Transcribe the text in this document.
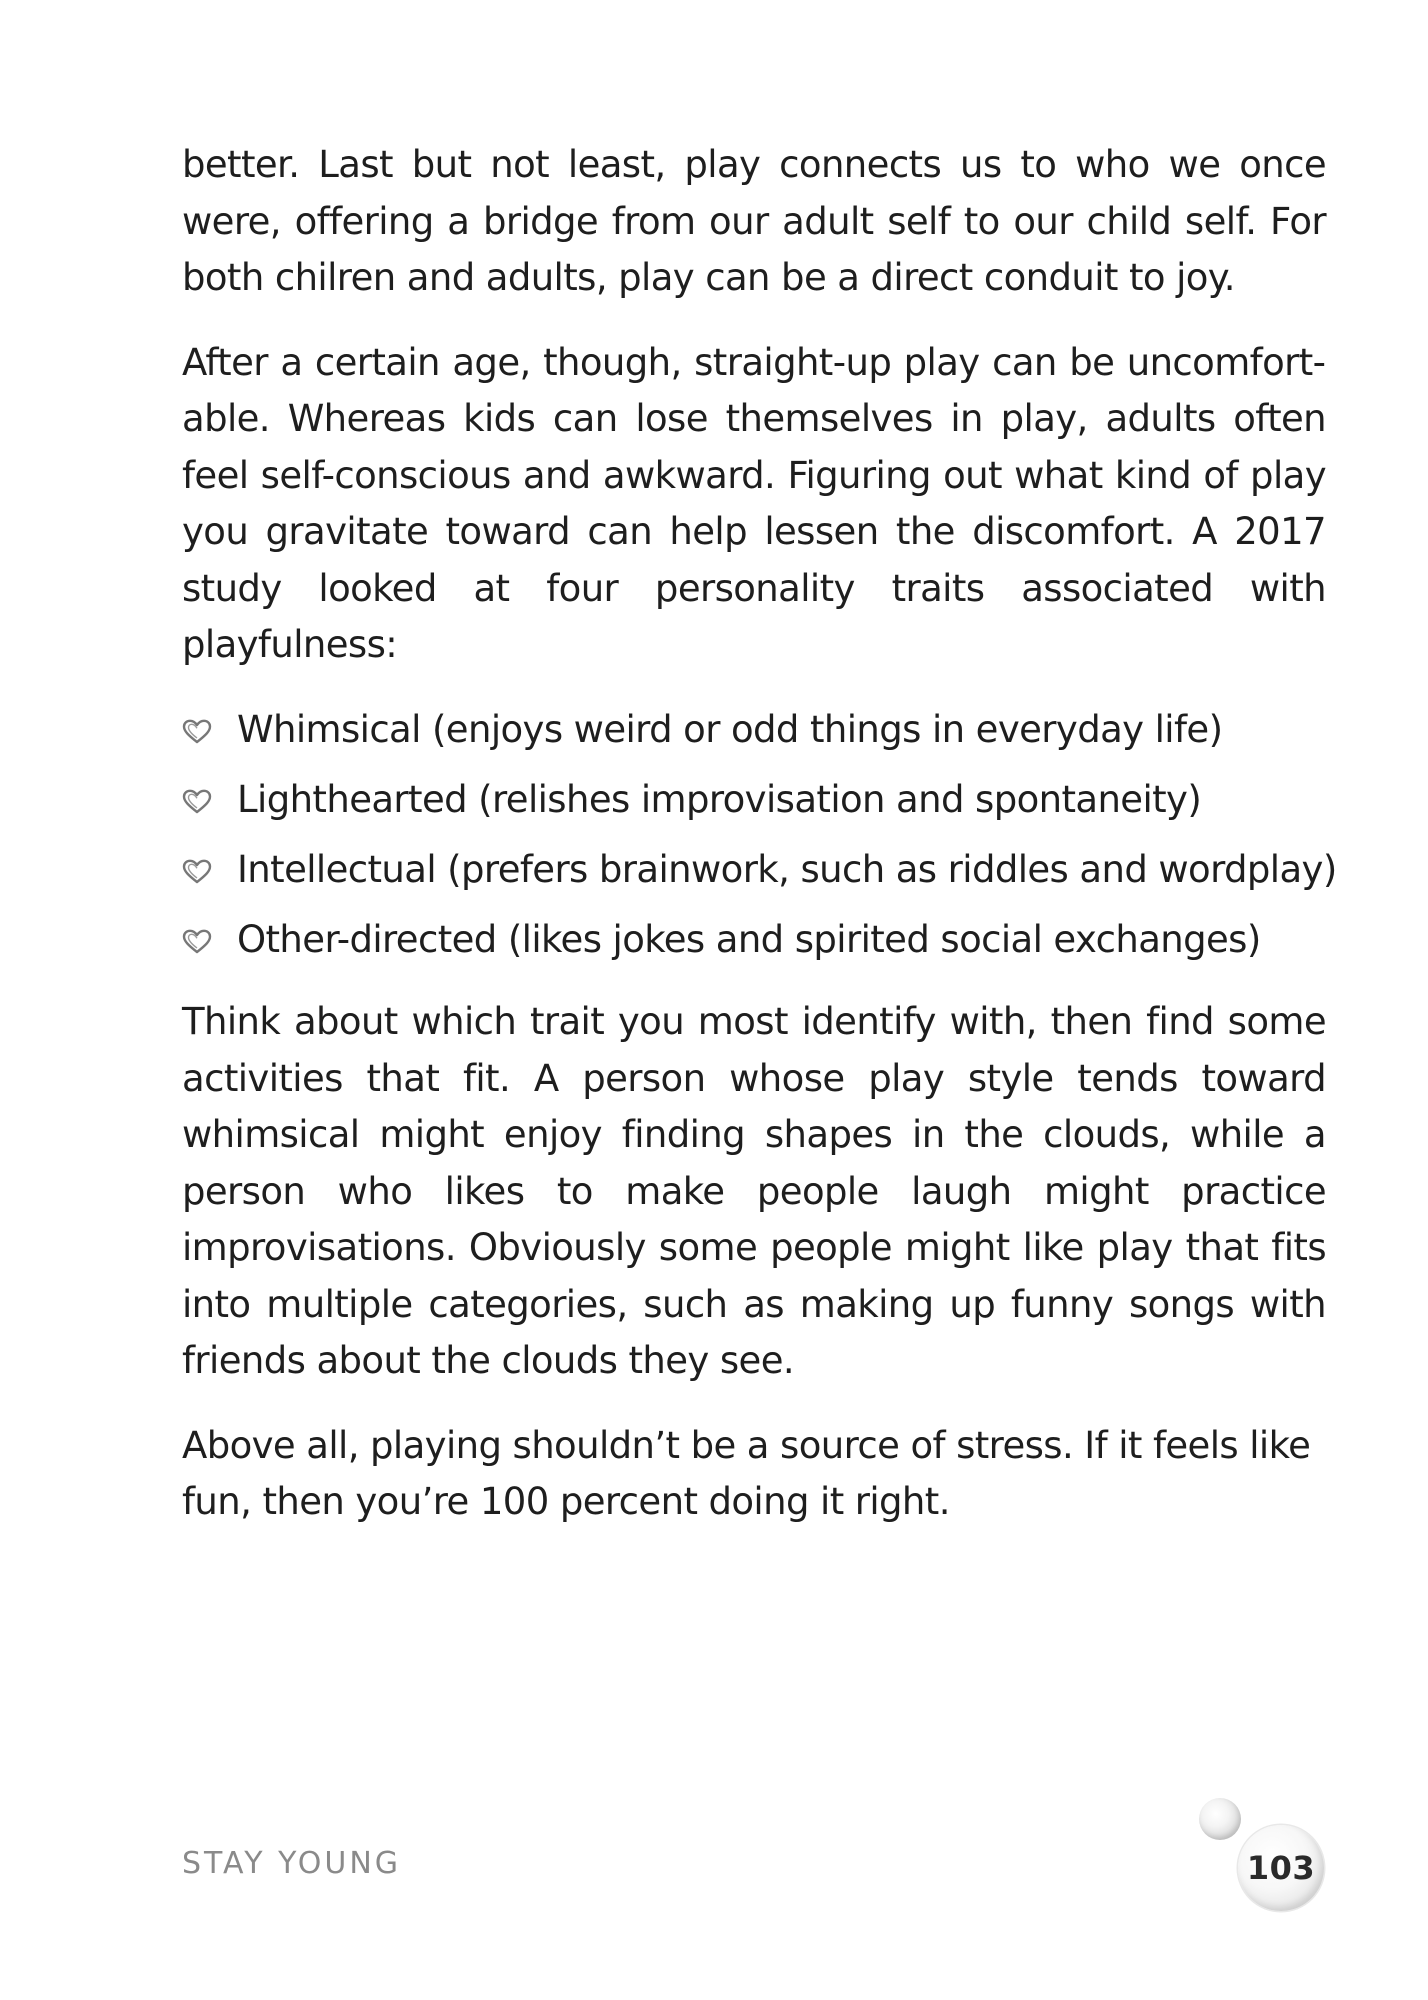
better. Last but not least, play connects us to who we once were, offering a bridge from our adult self to our child self. For both chilren and adults, play can be a direct conduit to joy.

After a certain age, though, straight-up play can be uncomfortable. Whereas kids can lose themselves in play, adults often feel self-conscious and awkward. Figuring out what kind of play you gravitate toward can help lessen the discomfort. A 2017 study looked at four personality traits associated with playfulness:

Whimsical (enjoys weird or odd things in everyday life)
Lighthearted (relishes improvisation and spontaneity)
Intellectual (prefers brainwork, such as riddles and wordplay)
Other-directed (likes jokes and spirited social exchanges)

Think about which trait you most identify with, then find some activities that fit. A person whose play style tends toward whimsical might enjoy finding shapes in the clouds, while a person who likes to make people laugh might practice improvisations. Obviously some people might like play that fits into multiple categories, such as making up funny songs with friends about the clouds they see.

Above all, playing shouldn’t be a source of stress. If it feels like fun, then you’re 100 percent doing it right.

STAY YOUNG	103
